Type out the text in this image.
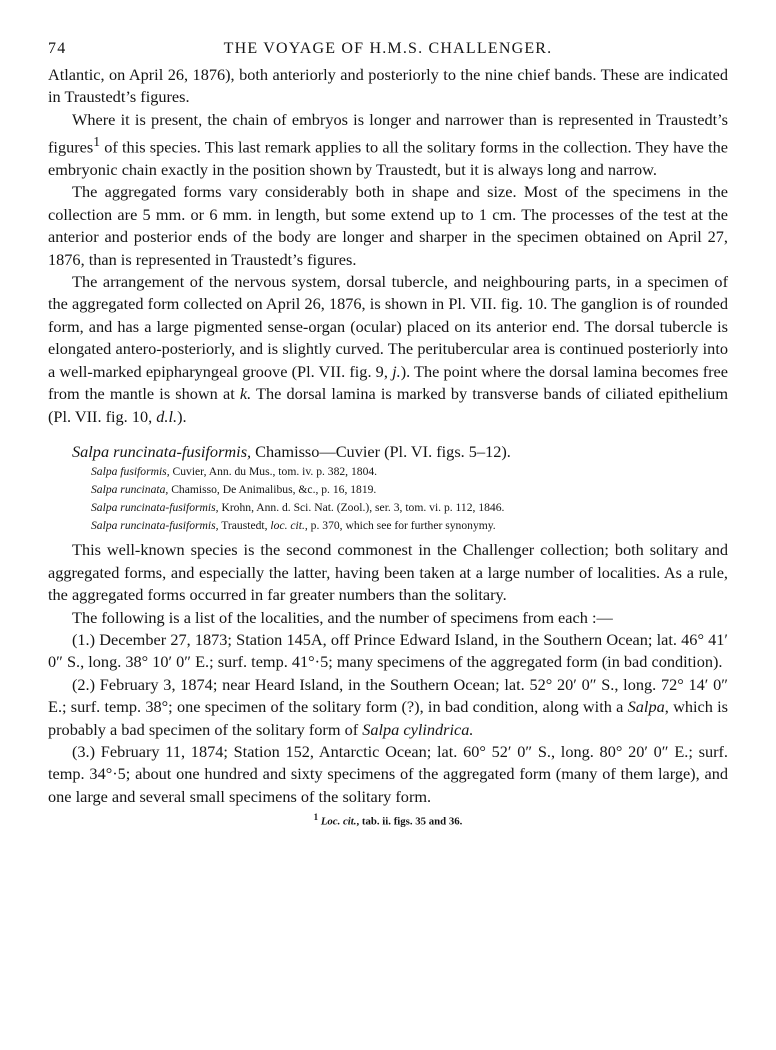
74	THE VOYAGE OF H.M.S. CHALLENGER.

Atlantic, on April 26, 1876), both anteriorly and posteriorly to the nine chief bands. These are indicated in Traustedt’s figures.

Where it is present, the chain of embryos is longer and narrower than is represented in Traustedt’s figures$^1$ of this species. This last remark applies to all the solitary forms in the collection. They have the embryonic chain exactly in the position shown by Traustedt, but it is always long and narrow.

The aggregated forms vary considerably both in shape and size. Most of the specimens in the collection are 5 mm. or 6 mm. in length, but some extend up to 1 cm. The processes of the test at the anterior and posterior ends of the body are longer and sharper in the specimen obtained on April 27, 1876, than is represented in Traustedt’s figures.

The arrangement of the nervous system, dorsal tubercle, and neighbouring parts, in a specimen of the aggregated form collected on April 26, 1876, is shown in Pl. VII. fig. 10. The ganglion is of rounded form, and has a large pigmented sense-organ (ocular) placed on its anterior end. The dorsal tubercle is elongated antero-posteriorly, and is slightly curved. The peritubercular area is continued posteriorly into a well-marked epipharyngeal groove (Pl. VII. fig. 9, j.). The point where the dorsal lamina becomes free from the mantle is shown at k. The dorsal lamina is marked by transverse bands of ciliated epithelium (Pl. VII. fig. 10, d.l.).

Salpa runcinata-fusiformis, Chamisso—Cuvier (Pl. VI. figs. 5–12).

Salpa fusiformis, Cuvier, Ann. du Mus., tom. iv. p. 382, 1804.
Salpa runcinata, Chamisso, De Animalibus, &c., p. 16, 1819.
Salpa runcinata-fusiformis, Krohn, Ann. d. Sci. Nat. (Zool.), ser. 3, tom. vi. p. 112, 1846.
Salpa runcinata-fusiformis, Traustedt, loc. cit., p. 370, which see for further synonymy.

This well-known species is the second commonest in the Challenger collection; both solitary and aggregated forms, and especially the latter, having been taken at a large number of localities. As a rule, the aggregated forms occurred in far greater numbers than the solitary.

The following is a list of the localities, and the number of specimens from each :—

(1.) December 27, 1873; Station 145A, off Prince Edward Island, in the Southern Ocean; lat. 46° 41′ 0″ S., long. 38° 10′ 0″ E.; surf. temp. 41°·5; many specimens of the aggregated form (in bad condition).

(2.) February 3, 1874; near Heard Island, in the Southern Ocean; lat. 52° 20′ 0″ S., long. 72° 14′ 0″ E.; surf. temp. 38°; one specimen of the solitary form (?), in bad condition, along with a Salpa, which is probably a bad specimen of the solitary form of Salpa cylindrica.

(3.) February 11, 1874; Station 152, Antarctic Ocean; lat. 60° 52′ 0″ S., long. 80° 20′ 0″ E.; surf. temp. 34°·5; about one hundred and sixty specimens of the aggregated form (many of them large), and one large and several small specimens of the solitary form.

$^1$ Loc. cit., tab. ii. figs. 35 and 36.
